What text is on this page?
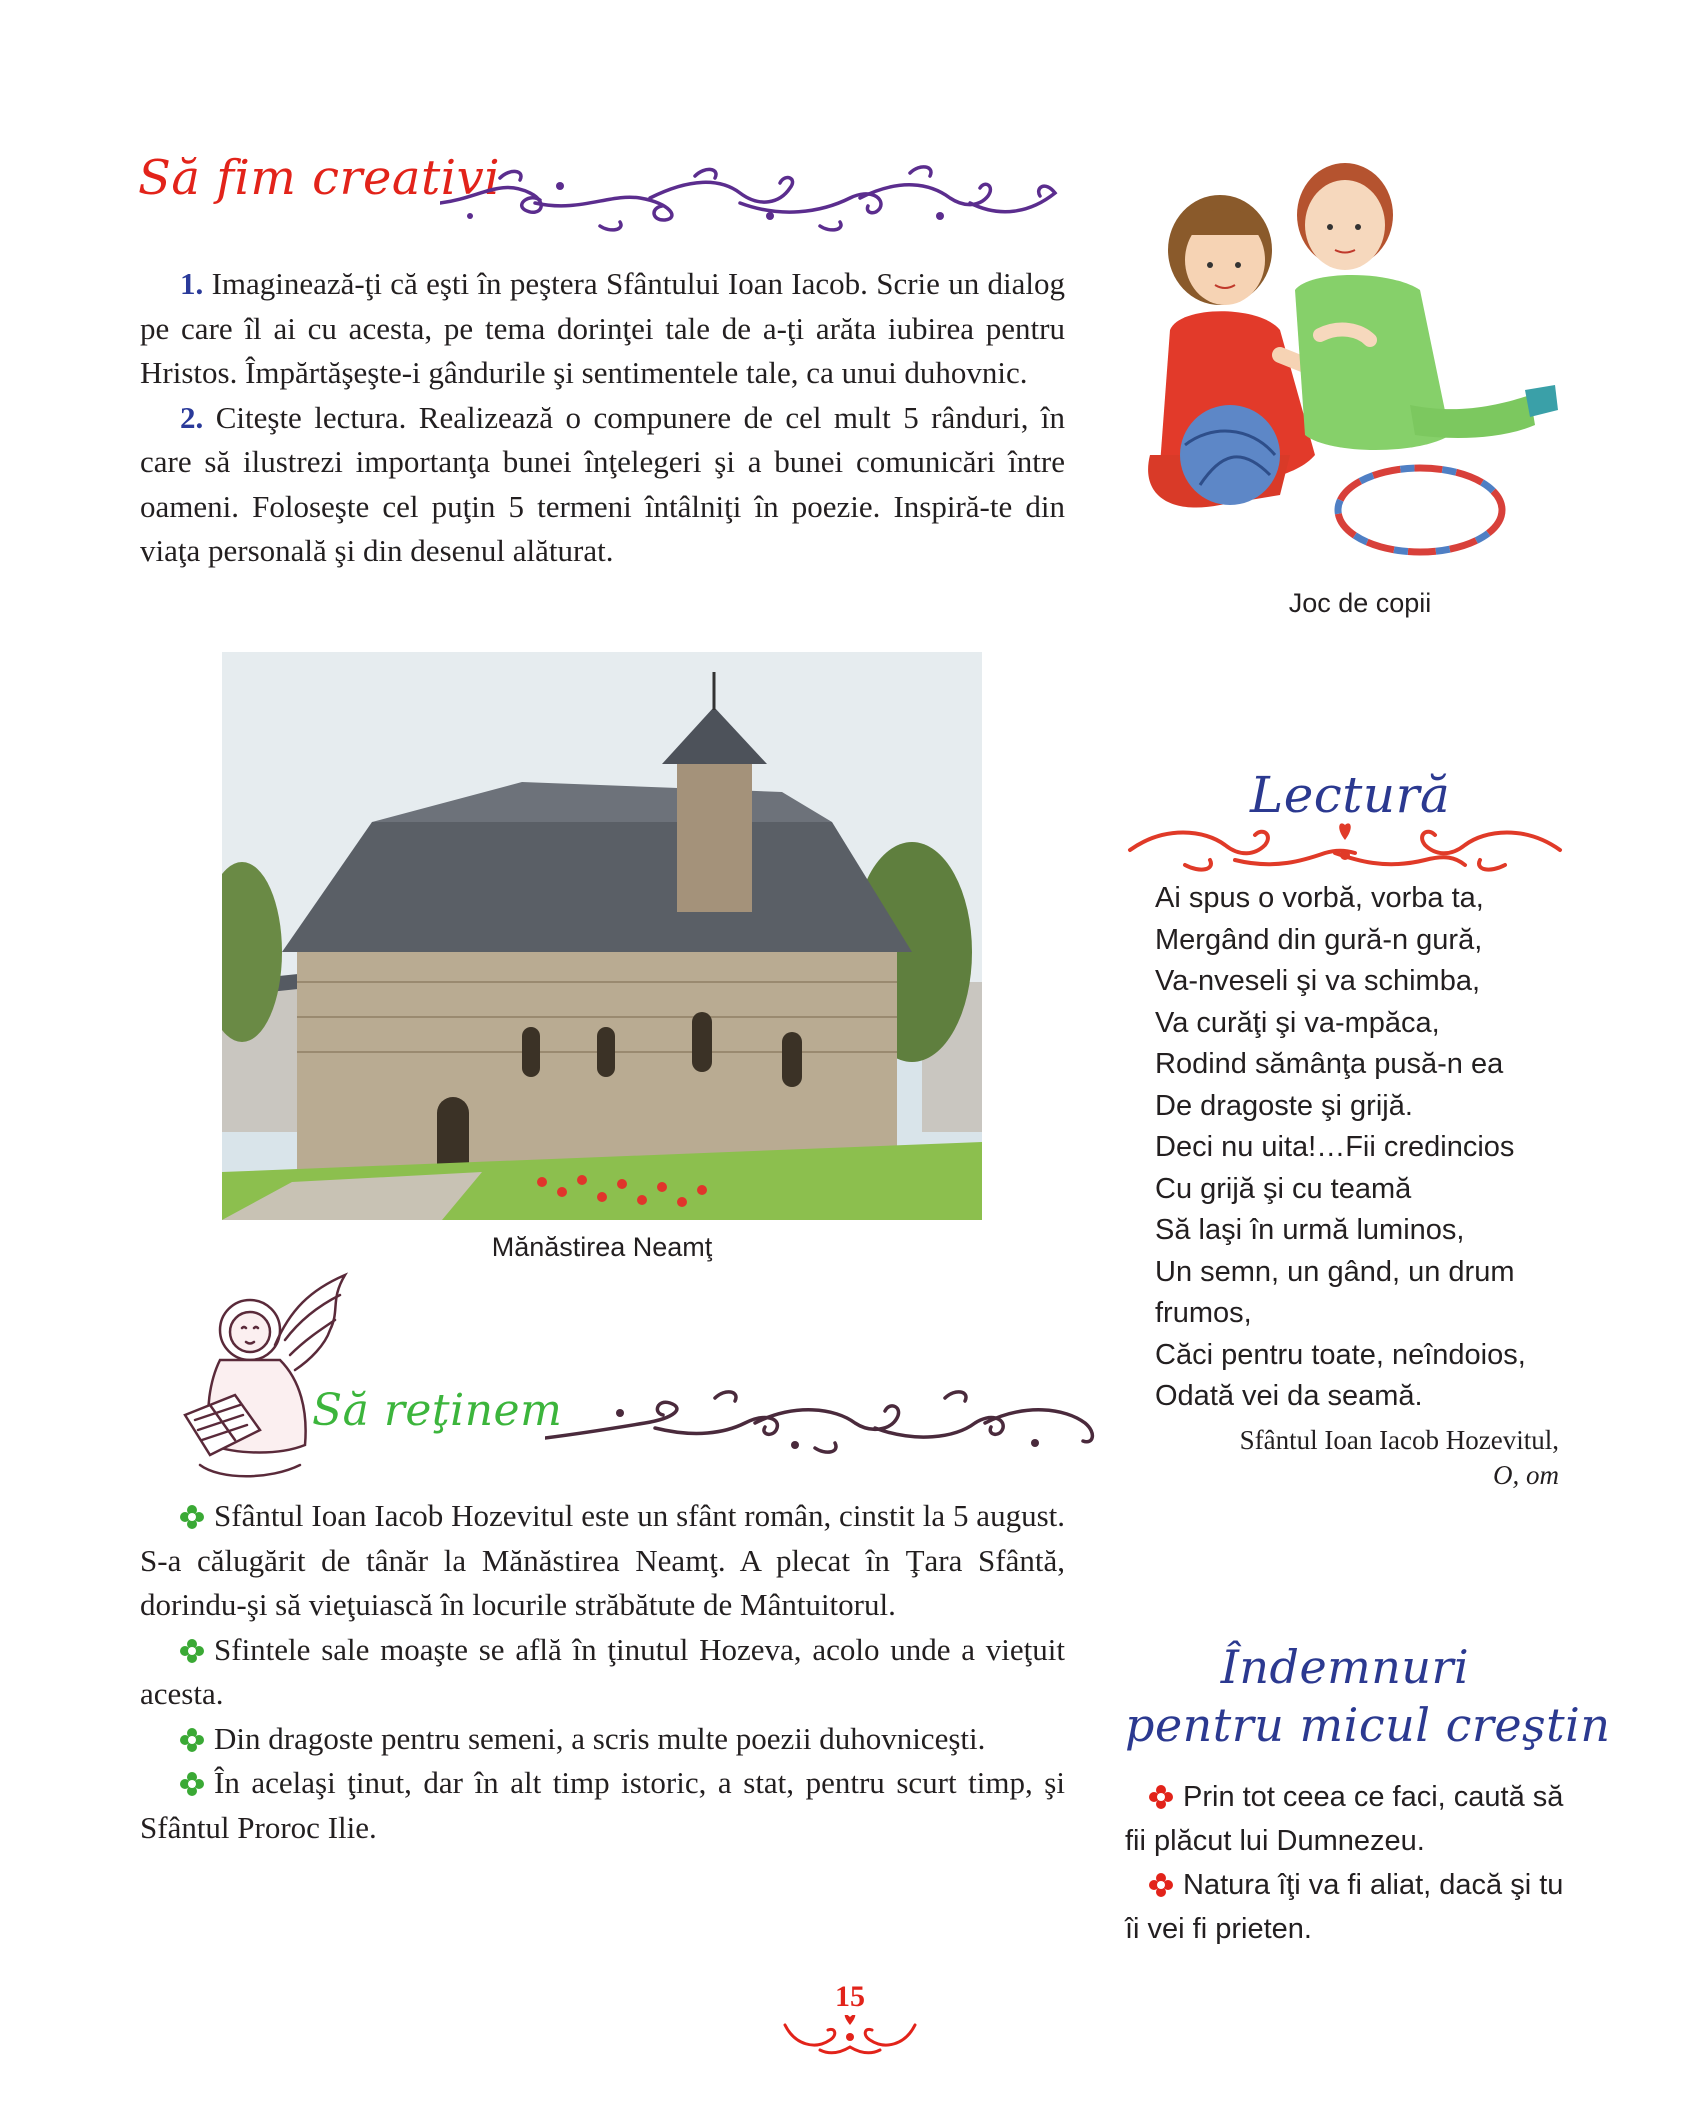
Să fim creativi

1. Imaginează-ţi că eşti în peştera Sfântului Ioan Iacob. Scrie un dialog pe care îl ai cu acesta, pe tema dorinţei tale de a-ţi arăta iubirea pentru Hristos. Împărtăşeşte-i gândurile şi sentimentele tale, ca unui duhovnic.

2. Citeşte lectura. Realizează o compunere de cel mult 5 rânduri, în care să ilustrezi importanţa bunei înţelegeri şi a bunei comunicări între oameni. Foloseşte cel puţin 5 termeni întâlniţi în poezie. Inspiră-te din viaţa personală şi din desenul alăturat.

Joc de copii
Mănăstirea Neamţ
Lectură
Ai spus o vorbă, vorba ta,
Mergând din gură-n gură,
Va-nveseli şi va schimba,
Va curăţi şi va-mpăca,
Rodind sămânţa pusă-n ea
De dragoste şi grijă.
Deci nu uita!…Fii credincios
Cu grijă şi cu teamă
Să laşi în urmă luminos,
Un semn, un gând, un drum
frumos,
Căci pentru toate, neîndoios,
Odată vei da seamă.
Sfântul Ioan Iacob Hozevitul,
O, om
Să reţinem

Sfântul Ioan Iacob Hozevitul este un sfânt român, cinstit la 5 august. S-a călugărit de tânăr la Mănăstirea Neamţ. A plecat în Ţara Sfântă, dorindu-şi să vieţuiască în locurile străbătute de Mântuitorul.

Sfintele sale moaşte se află în ţinutul Hozeva, acolo unde a vieţuit acesta.

Din dragoste pentru semeni, a scris multe poezii duhovniceşti.

În acelaşi ţinut, dar în alt timp istoric, a stat, pentru scurt timp, şi Sfântul Proroc Ilie.

Îndemnuri
pentru micul creştin

Prin tot ceea ce faci, caută să fii plăcut lui Dumnezeu.

Natura îţi va fi aliat, dacă şi tu îi vei fi prieten.

15
